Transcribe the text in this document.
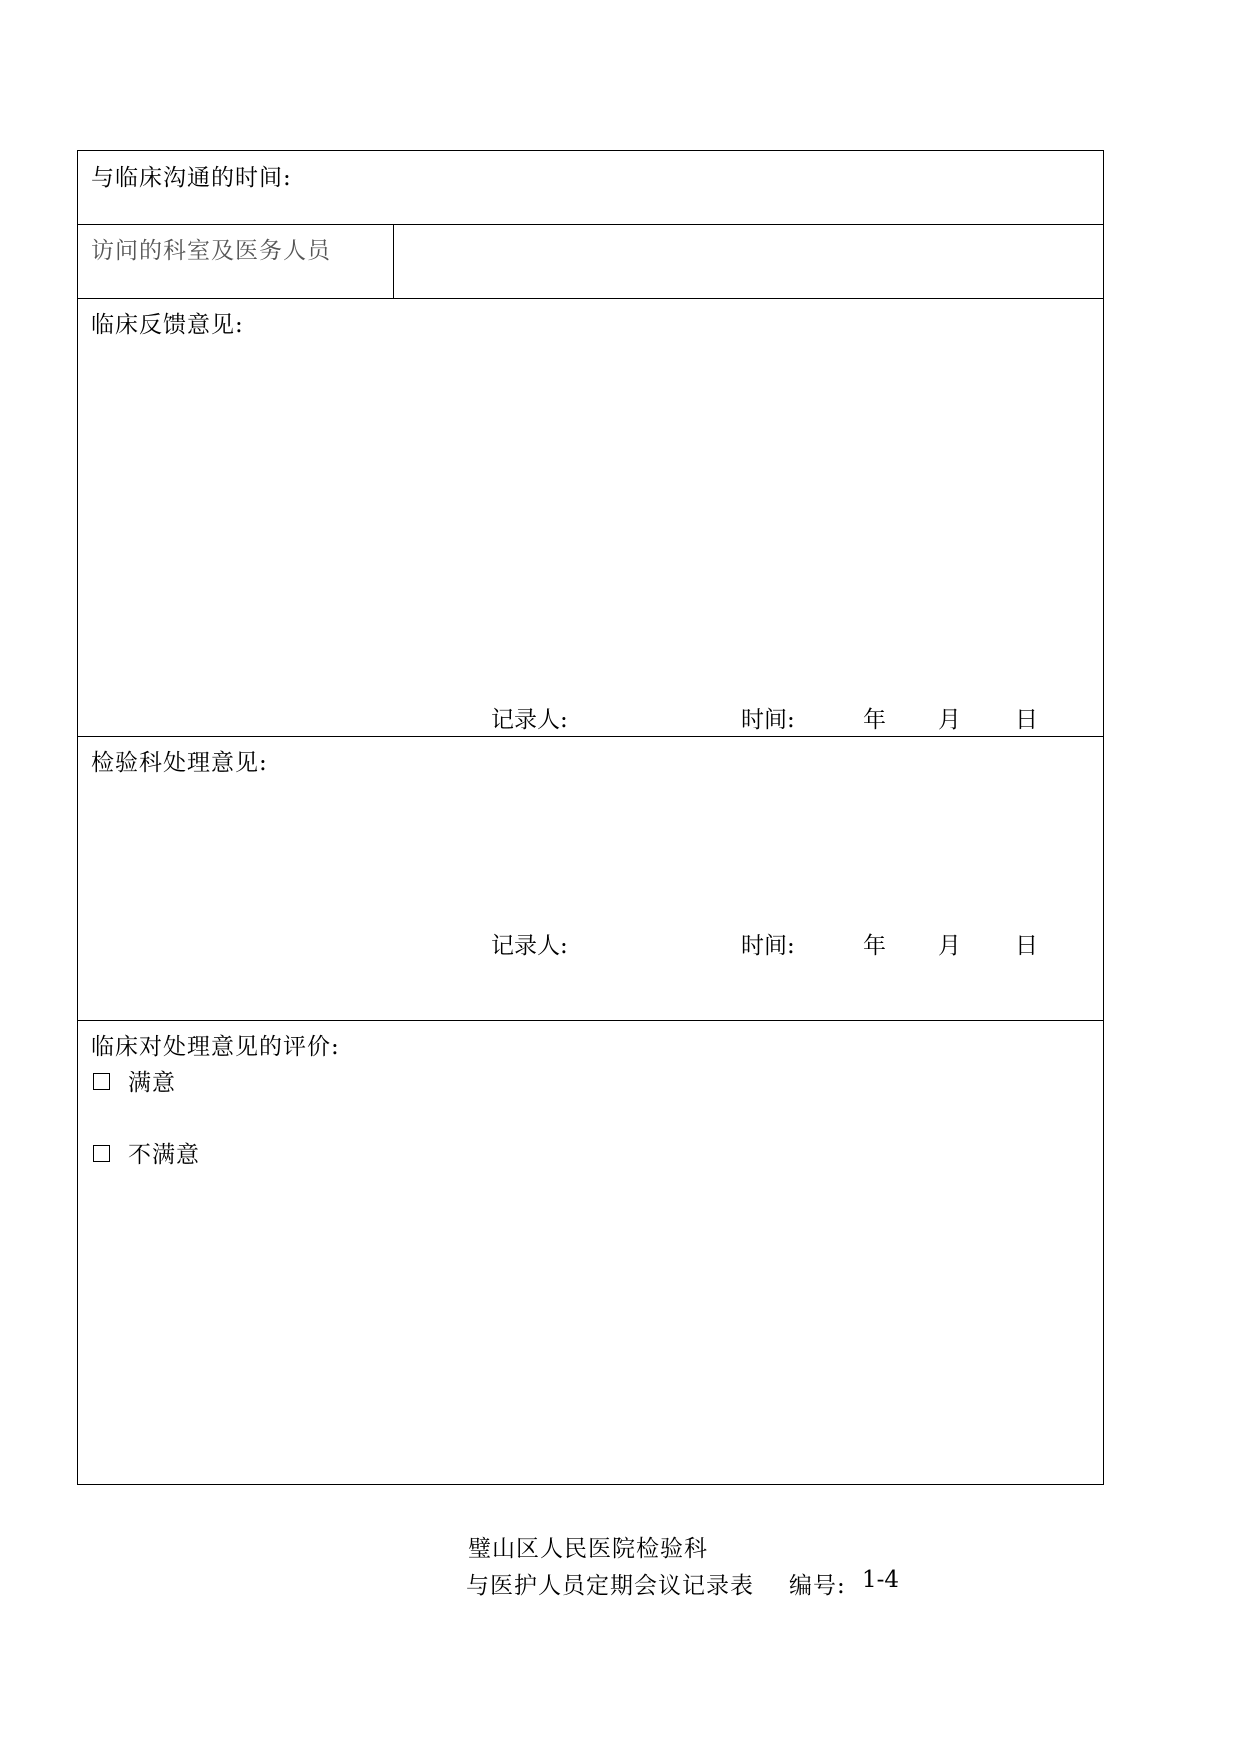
与临床沟通的时间:
访问的科室及医务人员
临床反馈意见:
记录人:	时间:	年 月 日
检验科处理意见:
记录人:	时间:	年 月 日
临床对处理意见的评价:
满意
不满意
璧山区人民医院检验科
与医护人员定期会议记录表 编号: 1-4
